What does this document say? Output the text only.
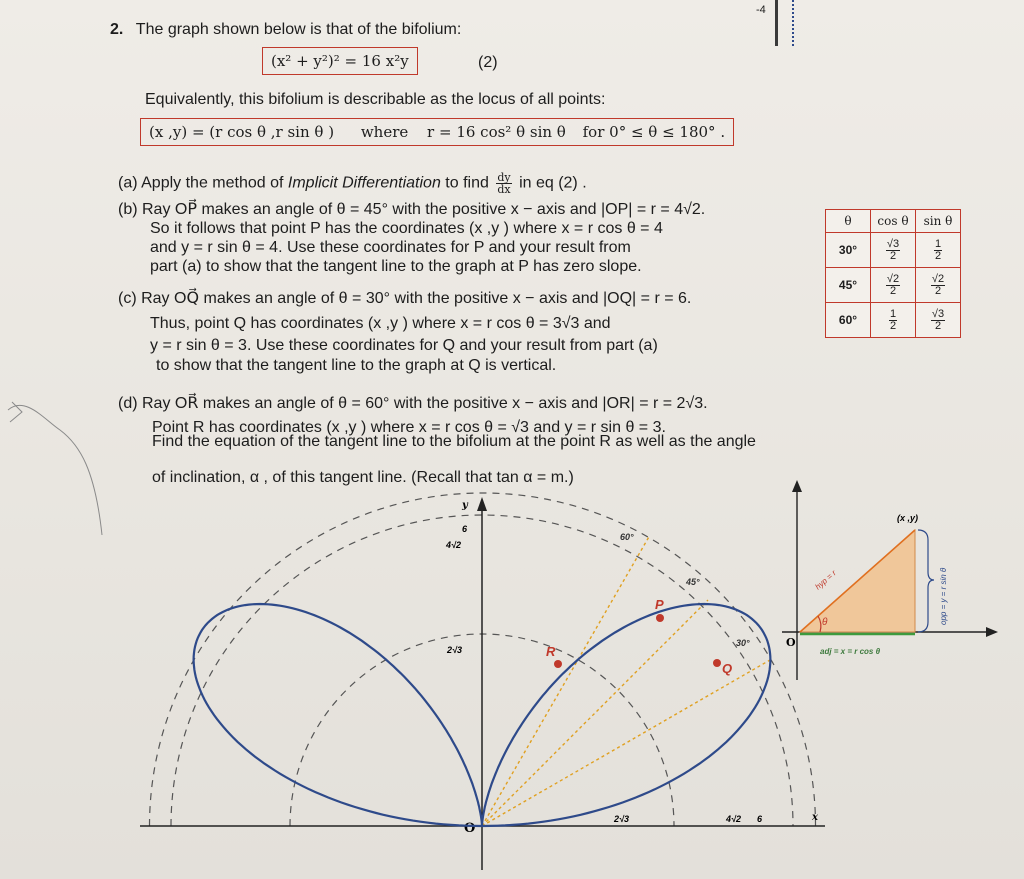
2. The graph shown below is that of the bifolium:
(x² + y²)² = 16 x²y	(2)
Equivalently, this bifolium is describable as the locus of all points:
(x ,y) = (r cos θ ,r sin θ ) where r = 16 cos² θ sin θ for 0° ≤ θ ≤ 180° .
(a) Apply the method of Implicit Differentiation to find $\frac{dy}{dx}$ in eq (2) .
(b) Ray OP⃗ makes an angle of θ = 45° with the positive x − axis and |OP| = r = 4√2.
So it follows that point P has the coordinates (x ,y ) where x = r cos θ = 4
and y = r sin θ = 4. Use these coordinates for P and your result from
part (a) to show that the tangent line to the graph at P has zero slope.
(c) Ray OQ⃗ makes an angle of θ = 30° with the positive x − axis and |OQ| = r = 6.
Thus, point Q has coordinates (x ,y ) where x = r cos θ = 3√3 and
y = r sin θ = 3. Use these coordinates for Q and your result from part (a)
to show that the tangent line to the graph at Q is vertical.
(d) Ray OR⃗ makes an angle of θ = 60° with the positive x − axis and |OR| = r = 2√3.
Point R has coordinates (x ,y ) where x = r cos θ = √3 and y = r sin θ = 3.
Find the equation of the tangent line to the bifolium at the point R as well as the angle
of inclination, α , of this tangent line. (Recall that tan α = m.)
-4
θ	cos θ	sin θ
30°	$\frac{√3}{2}$	$\frac{1}{2}$

45°	$\frac{√2}{2}$	$\frac{√2}{2}$

60°	$\frac{1}{2}$	$\frac{√3}{2}$
y
x
O
6
4√2
2√3
2√3	4√2 6
60°
45°
30°
P
Q
R
O
(x ,y)
θ
hyp = r
adj = x = r cos θ
opp = y = r sin θ
